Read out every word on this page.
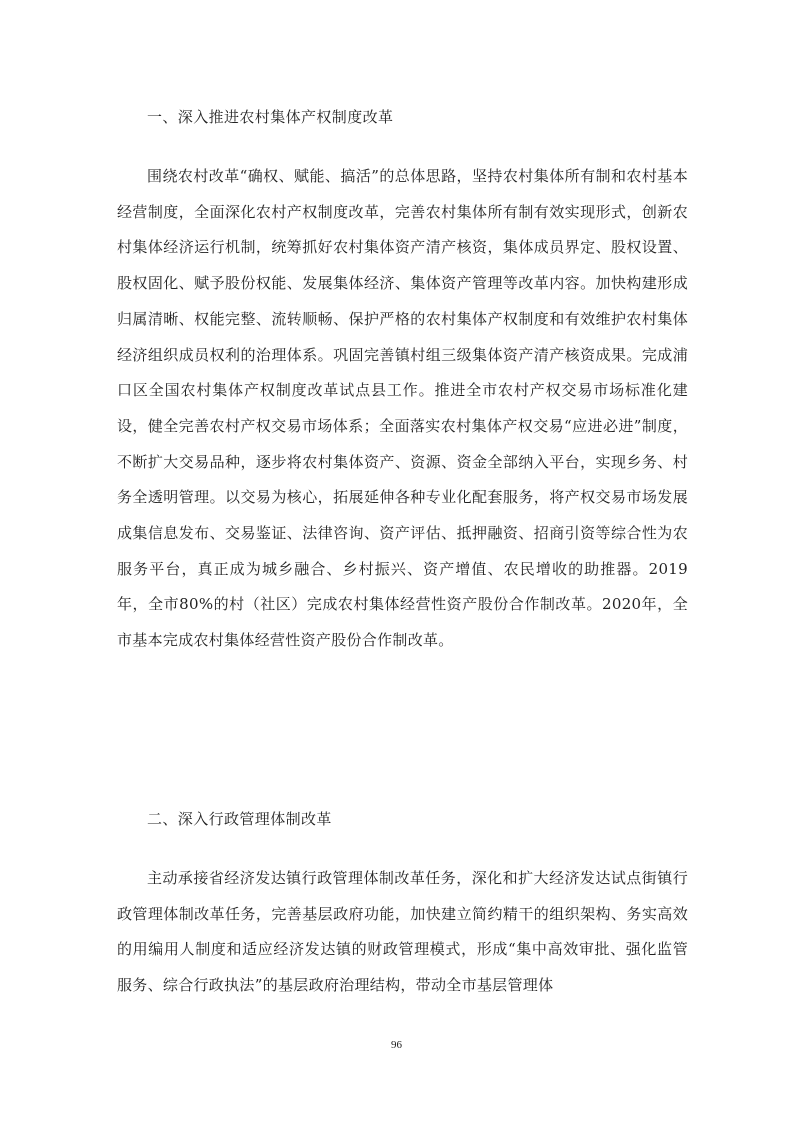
一、深入推进农村集体产权制度改革
围绕农村改革“确权、赋能、搞活”的总体思路，坚持农村集体所有制和农村基本经营制度，全面深化农村产权制度改革，完善农村集体所有制有效实现形式，创新农村集体经济运行机制，统筹抓好农村集体资产清产核资，集体成员界定、股权设置、股权固化、赋予股份权能、发展集体经济、集体资产管理等改革内容。加快构建形成归属清晰、权能完整、流转顺畅、保护严格的农村集体产权制度和有效维护农村集体经济组织成员权利的治理体系。巩固完善镇村组三级集体资产清产核资成果。完成浦口区全国农村集体产权制度改革试点县工作。推进全市农村产权交易市场标准化建设，健全完善农村产权交易市场体系；全面落实农村集体产权交易“应进必进”制度，不断扩大交易品种，逐步将农村集体资产、资源、资金全部纳入平台，实现乡务、村务全透明管理。以交易为核心，拓展延伸各种专业化配套服务，将产权交易市场发展成集信息发布、交易鉴证、法律咨询、资产评估、抵押融资、招商引资等综合性为农服务平台，真正成为城乡融合、乡村振兴、资产增值、农民增收的助推器。2019年，全市80%的村（社区）完成农村集体经营性资产股份合作制改革。2020年，全市基本完成农村集体经营性资产股份合作制改革。
二、深入行政管理体制改革
主动承接省经济发达镇行政管理体制改革任务，深化和扩大经济发达试点街镇行政管理体制改革任务，完善基层政府功能，加快建立简约精干的组织架构、务实高效的用编用人制度和适应经济发达镇的财政管理模式，形成“集中高效审批、强化监管服务、综合行政执法”的基层政府治理结构，带动全市基层管理体
96
